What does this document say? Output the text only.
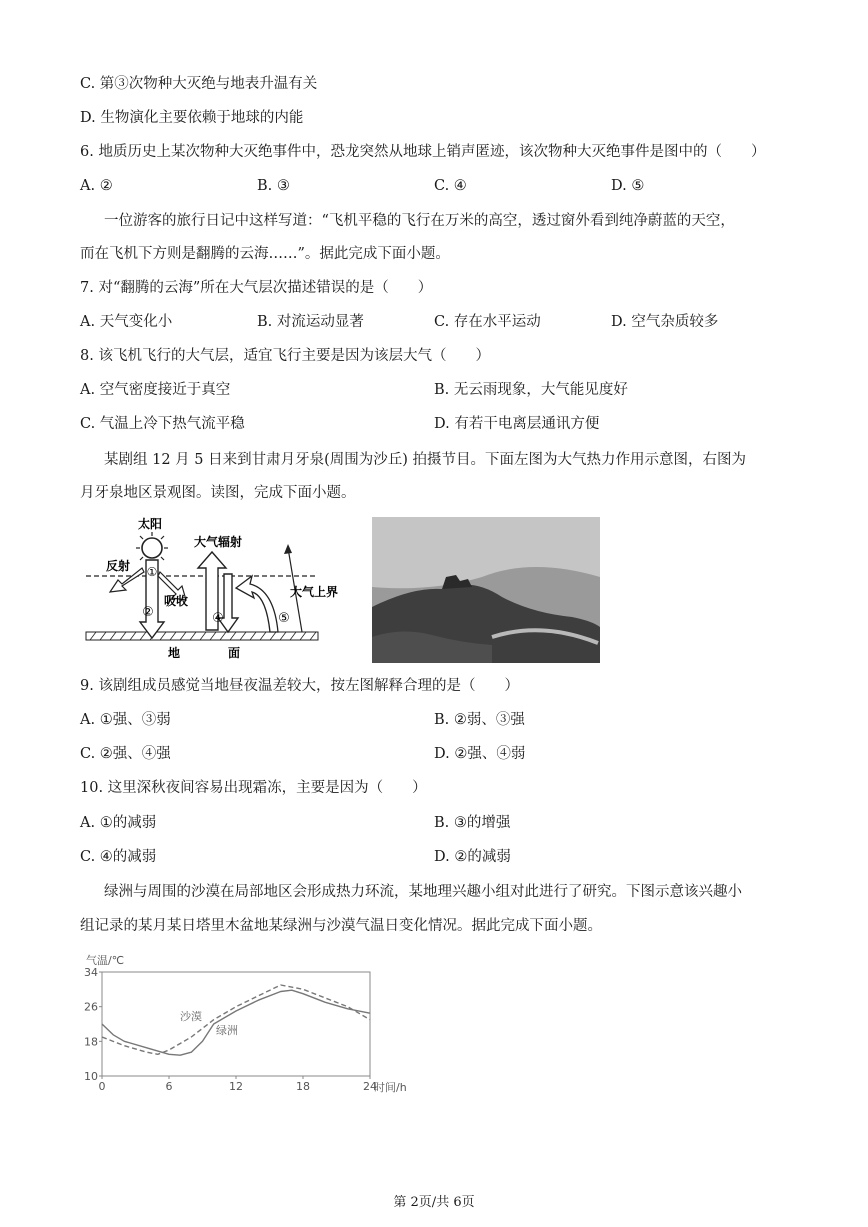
C. 第③次物种大灭绝与地表升温有关
D. 生物演化主要依赖于地球的内能
6. 地质历史上某次物种大灭绝事件中，恐龙突然从地球上销声匿迹，该次物种大灭绝事件是图中的（　　）
A. ②	B. ③	C. ④	D. ⑤
一位游客的旅行日记中这样写道：“飞机平稳的飞行在万米的高空，透过窗外看到纯净蔚蓝的天空，
而在飞机下方则是翻腾的云海……”。据此完成下面小题。
7. 对“翻腾的云海”所在大气层次描述错误的是（　　）
A. 天气变化小	B. 对流运动显著	C. 存在水平运动	D. 空气杂质较多
8. 该飞机飞行的大气层，适宜飞行主要是因为该层大气（　　）
A. 空气密度接近于真空	B. 无云雨现象，大气能见度好
C. 气温上冷下热气流平稳	D. 有若干电离层通讯方便
某剧组 12 月 5 日来到甘肃月牙泉(周围为沙丘) 拍摄节目。下面左图为大气热力作用示意图，右图为
月牙泉地区景观图。读图，完成下面小题。
太阳
①
②
反射
吸收
大气辐射
④	⑤
大气上界
地	面
9. 该剧组成员感觉当地昼夜温差较大，按左图解释合理的是（　　）
A. ①强、③弱	B. ②弱、③强
C. ②强、④强	D. ②强、④弱
10. 这里深秋夜间容易出现霜冻，主要是因为（　　）
A. ①的减弱	B. ③的增强
C. ④的减弱	D. ②的减弱
绿洲与周围的沙漠在局部地区会形成热力环流，某地理兴趣小组对此进行了研究。下图示意该兴趣小
组记录的某月某日塔里木盆地某绿洲与沙漠气温日变化情况。据此完成下面小题。
气温/℃
10
18
26
34
0	6	12	18	24
时间/h
沙漠
绿洲
第 2页/共 6页
